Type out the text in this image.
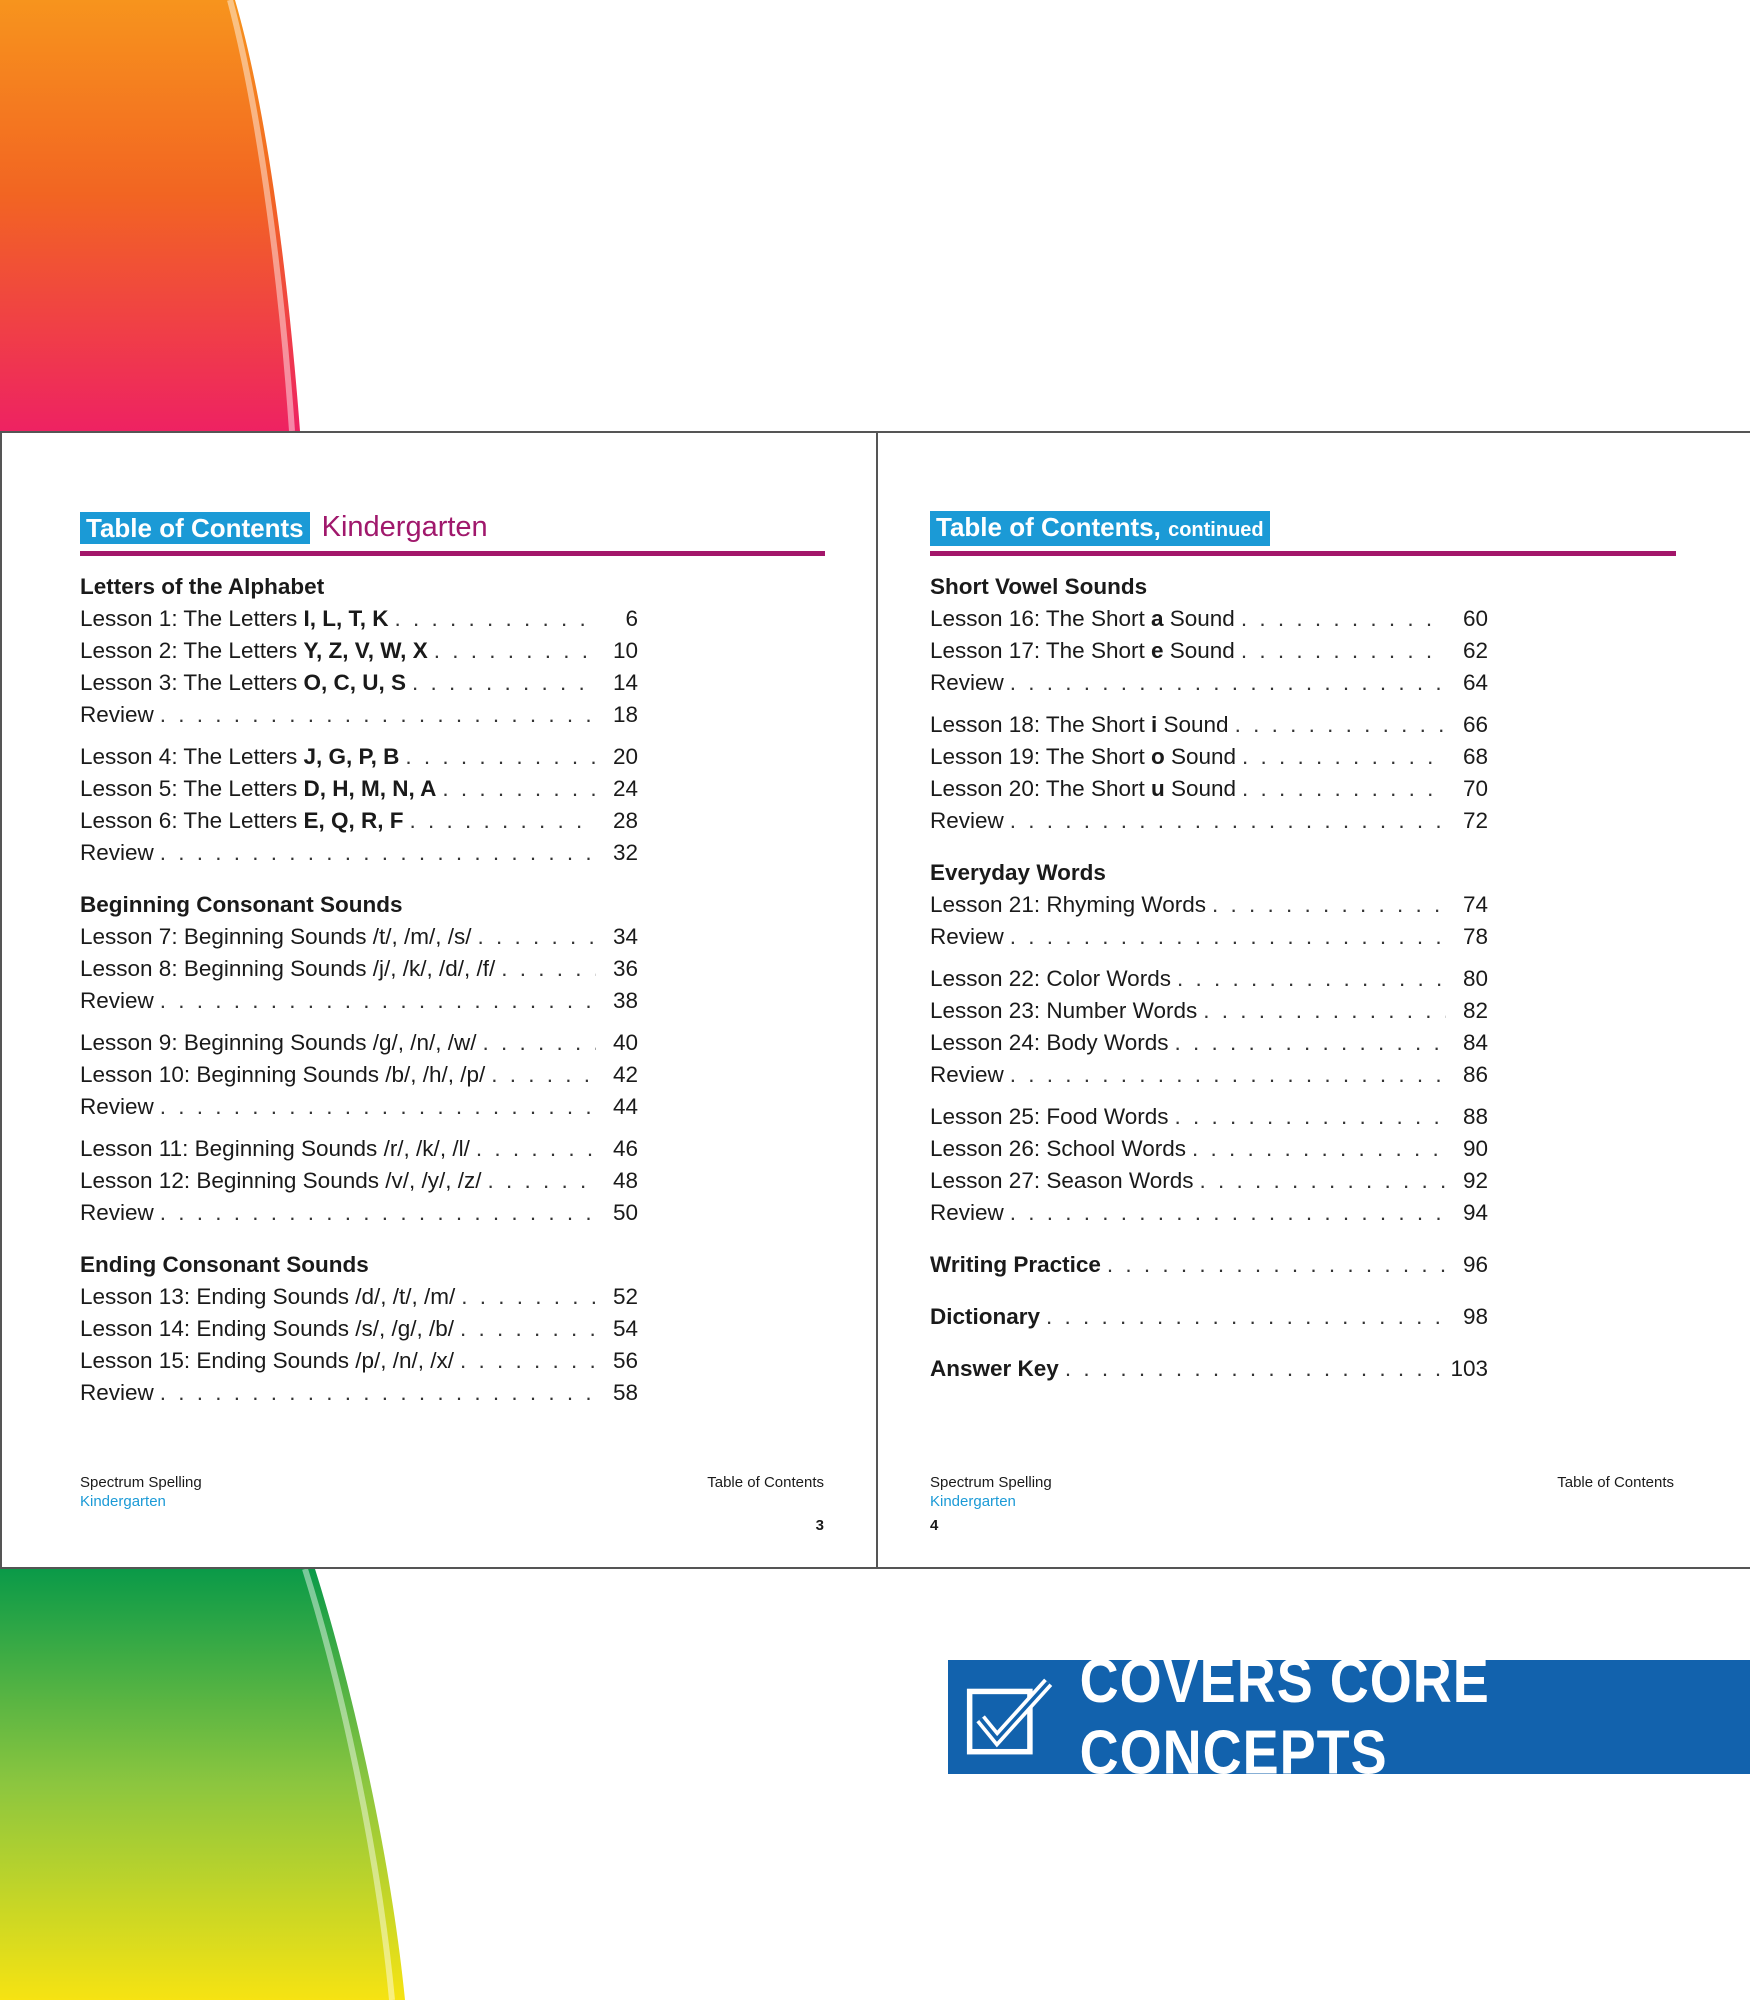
Table of Contents Kindergarten
Letters of the Alphabet
Lesson 1: The Letters I, L, T, K . . .	6
Lesson 2: The Letters Y, Z, V, W, X . . .	10
Lesson 3: The Letters O, C, U, S . . .	14
Review . . .	18
Lesson 4: The Letters J, G, P, B . . .	20
Lesson 5: The Letters D, H, M, N, A . . .	24
Lesson 6: The Letters E, Q, R, F . . .	28
Review . . .	32
Beginning Consonant Sounds
Lesson 7: Beginning Sounds /t/, /m/, /s/ . . .	34
Lesson 8: Beginning Sounds /j/, /k/, /d/, /f/ . . .	36
Review . . .	38
Lesson 9: Beginning Sounds /g/, /n/, /w/ . . .	40
Lesson 10: Beginning Sounds /b/, /h/, /p/ . . .	42
Review . . .	44
Lesson 11: Beginning Sounds /r/, /k/, /l/ . . .	46
Lesson 12: Beginning Sounds /v/, /y/, /z/ . . .	48
Review . . .	50
Ending Consonant Sounds
Lesson 13: Ending Sounds /d/, /t/, /m/ . . .	52
Lesson 14: Ending Sounds /s/, /g/, /b/ . . .	54
Lesson 15: Ending Sounds /p/, /n/, /x/ . . .	56
Review . . .	58
Spectrum Spelling
Kindergarten
Table of Contents
3
Table of Contents, continued
Short Vowel Sounds
Lesson 16: The Short a Sound . . .	60
Lesson 17: The Short e Sound . . .	62
Review . . .	64
Lesson 18: The Short i Sound . . .	66
Lesson 19: The Short o Sound . . .	68
Lesson 20: The Short u Sound . . .	70
Review . . .	72
Everyday Words
Lesson 21: Rhyming Words . . .	74
Review . . .	78
Lesson 22: Color Words . . .	80
Lesson 23: Number Words . . .	82
Lesson 24: Body Words . . .	84
Review . . .	86
Lesson 25: Food Words . . .	88
Lesson 26: School Words . . .	90
Lesson 27: Season Words . . .	92
Review . . .	94
Writing Practice . . .	96
Dictionary . . .	98
Answer Key . . .	103
Spectrum Spelling
Kindergarten
Table of Contents
4
COVERS CORE CONCEPTS
